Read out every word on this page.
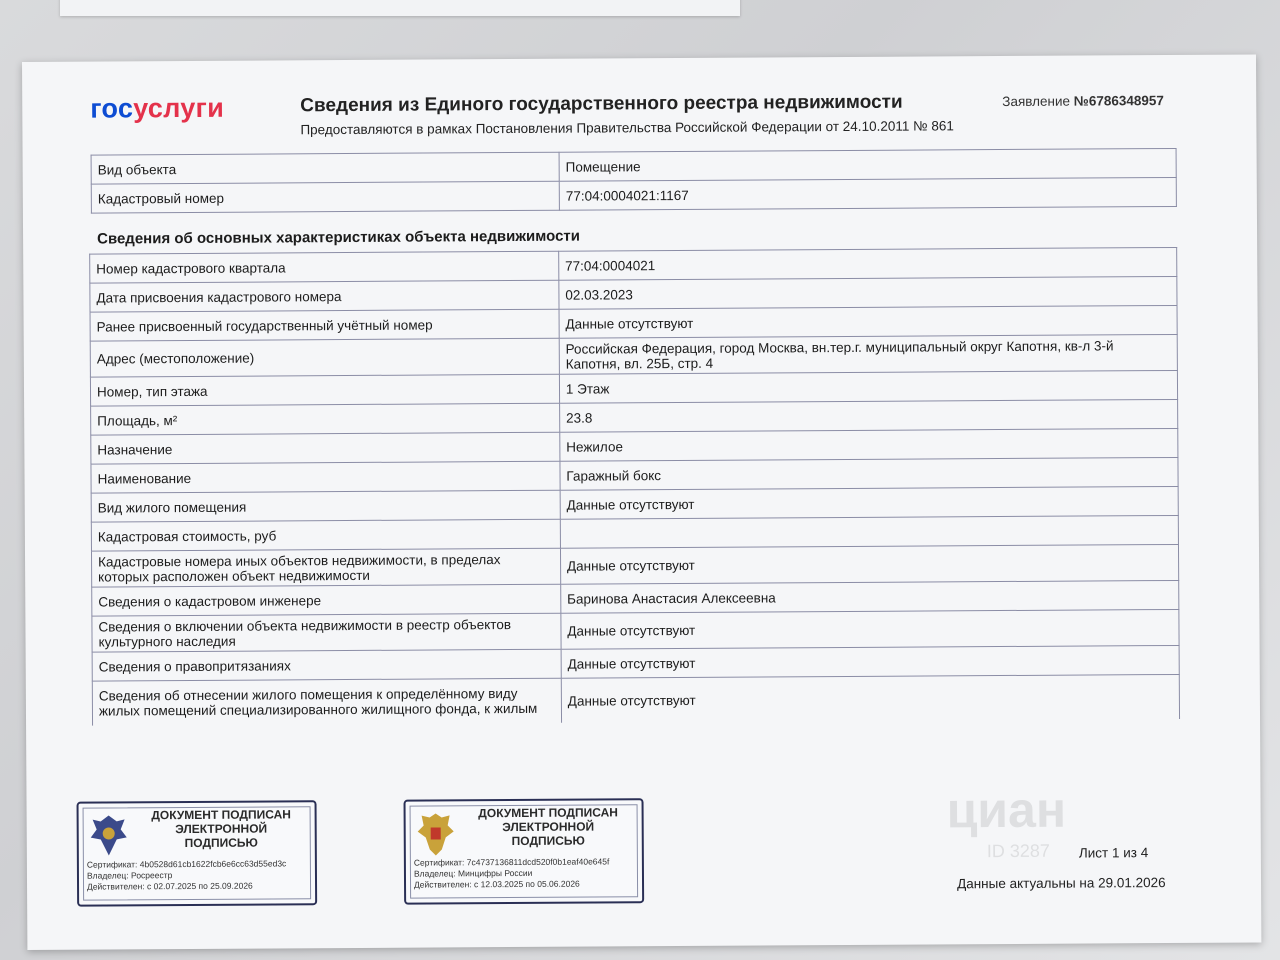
госуслуги	Сведения из Единого государственного реестра недвижимости
Предоставляются в рамках Постановления Правительства Российской Федерации от 24.10.2011 № 861
Заявление №6786348957
Вид объекта	Помещение
Кадастровый номер	77:04:0004021:1167
Сведения об основных характеристиках объекта недвижимости
Номер кадастрового квартала	77:04:0004021
Дата присвоения кадастрового номера	02.03.2023
Ранее присвоенный государственный учётный номер	Данные отсутствуют
Адрес (местоположение)	Российская Федерация, город Москва, вн.тер.г. муниципальный округ Капотня, кв-л 3-й Капотня, вл. 25Б, стр. 4
Номер, тип этажа	1 Этаж
Площадь, м²	23.8
Назначение	Нежилое
Наименование	Гаражный бокс
Вид жилого помещения	Данные отсутствуют
Кадастровая стоимость, руб	
Кадастровые номера иных объектов недвижимости, в пределах которых расположен объект недвижимости	Данные отсутствуют
Сведения о кадастровом инженере	Баринова Анастасия Алексеевна
Сведения о включении объекта недвижимости в реестр объектов культурного наследия	Данные отсутствуют
Сведения о правопритязаниях	Данные отсутствуют
Сведения об отнесении жилого помещения к определённому виду жилых помещений специализированного жилищного фонда, к жилым	Данные отсутствуют
ДОКУМЕНТ ПОДПИСАН ЭЛЕКТРОННОЙ ПОДПИСЬЮ
Сертификат: 4b0528d61cb1622fcb6e6cc63d55ed3c
Владелец: Росреестр
Действителен: с 02.07.2025 по 25.09.2026
ДОКУМЕНТ ПОДПИСАН ЭЛЕКТРОННОЙ ПОДПИСЬЮ
Сертификат: 7c4737136811dcd520f0b1eaf40e645f
Владелец: Минцифры России
Действителен: с 12.03.2025 по 05.06.2026
циан
ID 3287 Лист 1 из 4
Данные актуальны на 29.01.2026
